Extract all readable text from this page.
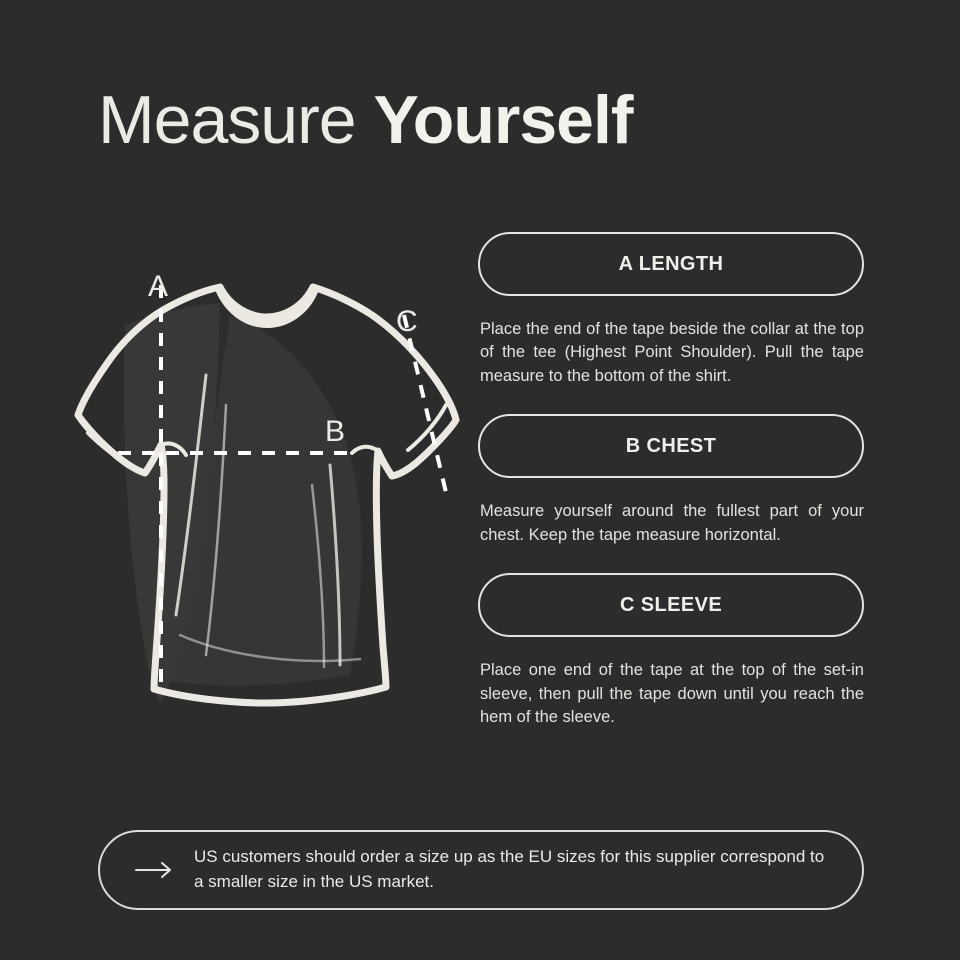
Measure Yourself
A
B
C
A LENGTH
Place the end of the tape beside the collar at the top of the tee (Highest Point Shoulder). Pull the tape measure to the bottom of the shirt.
B CHEST
Measure yourself around the fullest part of your chest. Keep the tape measure horizontal.
C SLEEVE
Place one end of the tape at the top of the set-in sleeve, then pull the tape down until you reach the hem of the sleeve.
US customers should order a size up as the EU sizes for this supplier correspond to a smaller size in the US market.
